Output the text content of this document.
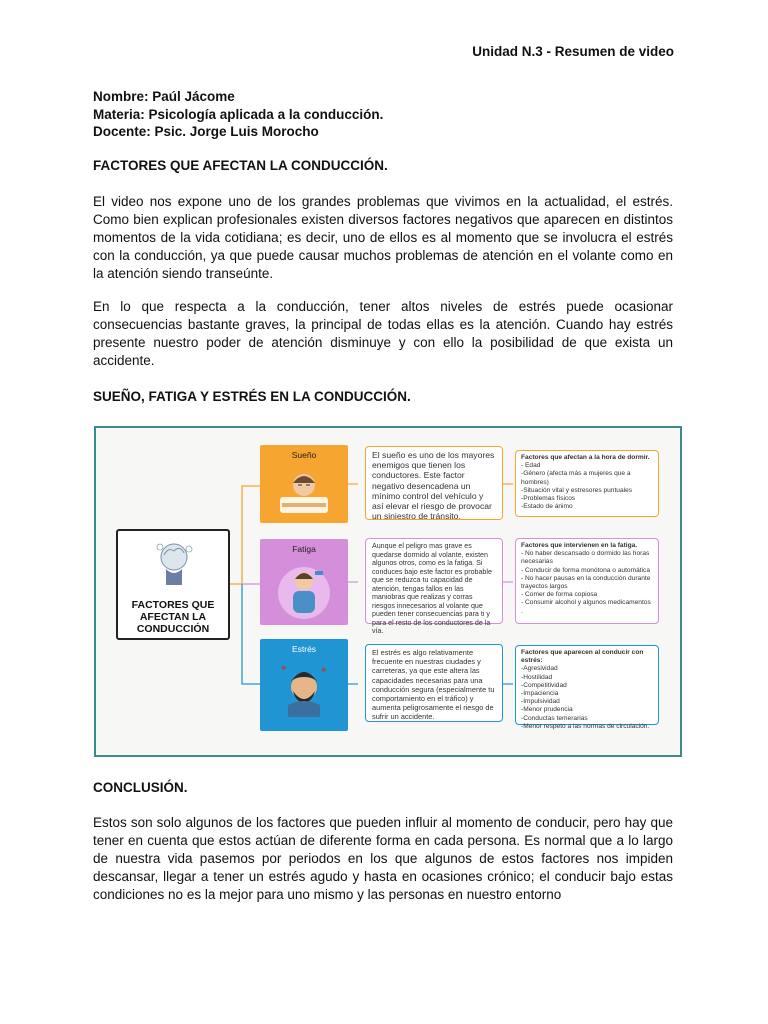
Unidad N.3 - Resumen de video
Nombre: Paúl Jácome
Materia: Psicología aplicada a la conducción.
Docente: Psic. Jorge Luis Morocho
FACTORES QUE AFECTAN LA CONDUCCIÓN.

El video nos expone uno de los grandes problemas que vivimos en la actualidad, el estrés. Como bien explican profesionales existen diversos factores negativos que aparecen en distintos momentos de la vida cotidiana; es decir, uno de ellos es al momento que se involucra el estrés con la conducción, ya que puede causar muchos problemas de atención en el volante como en la atención siendo transeúnte.

En lo que respecta a la conducción, tener altos niveles de estrés puede ocasionar consecuencias bastante graves, la principal de todas ellas es la atención. Cuando hay estrés presente nuestro poder de atención disminuye y con ello la posibilidad de que exista un accidente.

SUEÑO, FATIGA Y ESTRÉS EN LA CONDUCCIÓN.
FACTORES QUE
AFECTAN LA
CONDUCCIÓN
Sueño	El sueño es uno de los mayores enemigos que tienen los conductores. Este factor negativo desencadena un mínimo control del vehículo y así elevar el riesgo de provocar un siniestro de tránsito.
Factores que afectan a la hora de dormir.
- Edad
-Género (afecta más a mujeres que a hombres)
-Situación vital y estresores puntuales
-Problemas físicos
-Estado de ánimo
Fatiga	Aunque el peligro mas grave es quedarse dormido al volante, existen algunos otros, como es la fatiga. Si conduces bajo este factor es probable que se reduzca tu capacidad de atención, tengas fallos en las maniobras que realizas y corras riesgos innecesarios al volante que pueden tener consecuencias para ti y para el resto de los conductores de la vía.
Factores que intervienen en la fatiga.
- No haber descansado o dormido las horas necesarias
- Conducir de forma monótona o automática
- No hacer pausas en la conducción durante trayectos largos
- Comer de forma copiosa
- Consumir alcohol y algunos medicamentos .
Estrés
✶	✶
El estrés es algo relativamente frecuente en nuestras ciudades y carreteras, ya que este altera las capacidades necesarias para una conducción segura (especialmente tu comportamiento en el tráfico) y aumenta peligrosamente el riesgo de sufrir un accidente.
Factores que aparecen al conducir con estrés:
-Agresividad
-Hostilidad
-Competitividad
-Impaciencia
-Impulsividad
-Menor prudencia
-Conductas temerarias
-Menor respeto a las normas de circulación.
CONCLUSIÓN.

Estos son solo algunos de los factores que pueden influir al momento de conducir, pero hay que tener en cuenta que estos actúan de diferente forma en cada persona. Es normal que a lo largo de nuestra vida pasemos por periodos en los que algunos de estos factores nos impiden descansar, llegar a tener un estrés agudo y hasta en ocasiones crónico; el conducir bajo estas condiciones no es la mejor para uno mismo y las personas en nuestro entorno
